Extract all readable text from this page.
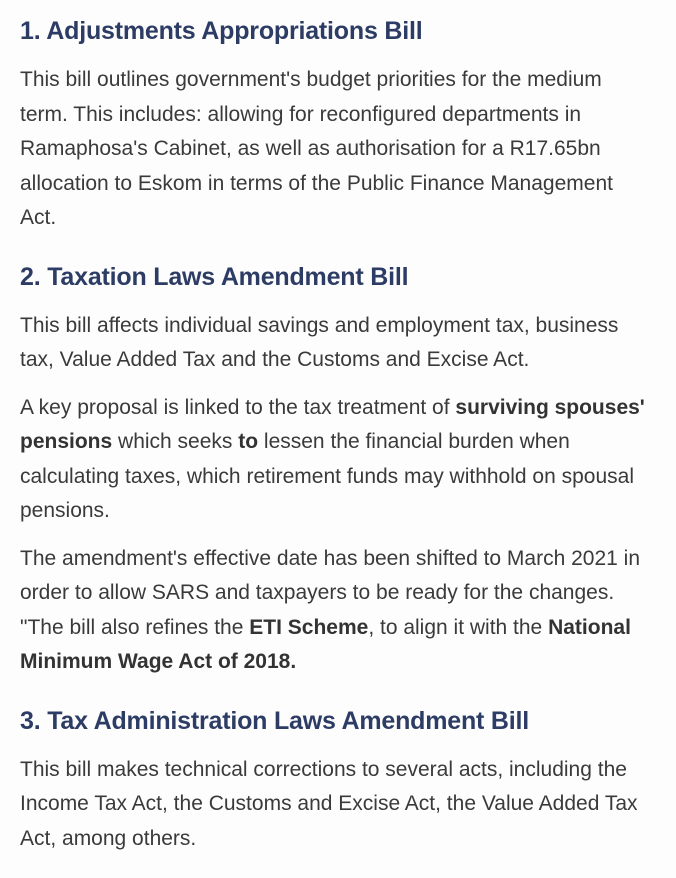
1. Adjustments Appropriations Bill

This bill outlines government's budget priorities for the medium term. This includes: allowing for reconfigured departments in Ramaphosa's Cabinet, as well as authorisation for a R17.65bn allocation to Eskom in terms of the Public Finance Management Act.

2. Taxation Laws Amendment Bill

This bill affects individual savings and employment tax, business tax, Value Added Tax and the Customs and Excise Act.

A key proposal is linked to the tax treatment of surviving spouses' pensions which seeks to lessen the financial burden when calculating taxes, which retirement funds may withhold on spousal pensions.

The amendment's effective date has been shifted to March 2021 in order to allow SARS and taxpayers to be ready for the changes. "The bill also refines the ETI Scheme, to align it with the National Minimum Wage Act of 2018.

3. Tax Administration Laws Amendment Bill

This bill makes technical corrections to several acts, including the Income Tax Act, the Customs and Excise Act, the Value Added Tax Act, among others.
